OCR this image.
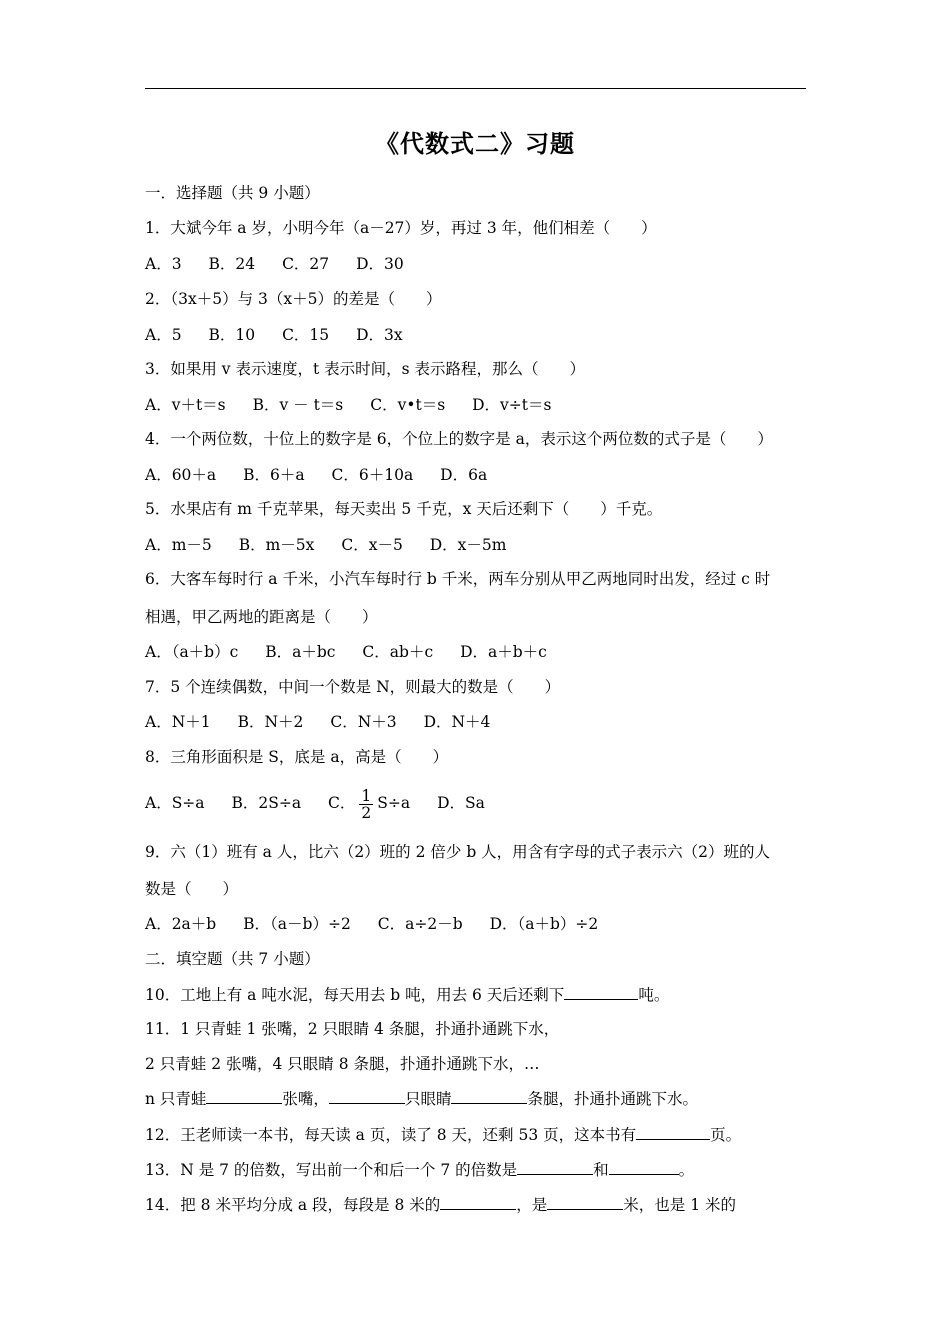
《代数式二》习题
一．选择题（共 9 小题）
1．大斌今年 a 岁，小明今年（a－27）岁，再过 3 年，他们相差（　　）
A．3 B．24 C．27 D．30
2．（3x＋5）与 3（x＋5）的差是（　　）
A．5 B．10 C．15 D．3x
3．如果用 v 表示速度，t 表示时间，s 表示路程，那么（　　）
A．v＋t＝s B．v － t＝s C．v•t＝s D．v÷t＝s
4．一个两位数，十位上的数字是 6，个位上的数字是 a，表示这个两位数的式子是（　　）
A．60＋a B．6＋a C．6＋10a D．6a
5．水果店有 m 千克苹果，每天卖出 5 千克，x 天后还剩下（　　）千克。
A．m－5 B．m－5x C．x－5 D．x－5m
6．大客车每时行 a 千米，小汽车每时行 b 千米，两车分别从甲乙两地同时出发，经过 c 时
相遇，甲乙两地的距离是（　　）
A．（a＋b）c B．a＋bc C．ab＋c D．a＋b＋c
7．5 个连续偶数，中间一个数是 N，则最大的数是（　　）
A．N＋1 B．N＋2 C．N＋3 D．N＋4
8．三角形面积是 S，底是 a，高是（　　）
A．S÷a B．2S÷a C． $\frac{1}{2} S\div a$ D．Sa
9．六（1）班有 a 人，比六（2）班的 2 倍少 b 人，用含有字母的式子表示六（2）班的人
数是（　　）
A．2a＋b B．（a－b）÷2 C．a÷2－b D．（a＋b）÷2
二．填空题（共 7 小题）
10．工地上有 a 吨水泥，每天用去 b 吨，用去 6 天后还剩下	吨。
11．1 只青蛙 1 张嘴，2 只眼睛 4 条腿，扑通扑通跳下水，
2 只青蛙 2 张嘴，4 只眼睛 8 条腿，扑通扑通跳下水，…
n 只青蛙	张嘴，	只眼睛	条腿，扑通扑通跳下水。
12．王老师读一本书，每天读 a 页，读了 8 天，还剩 53 页，这本书有	页。
13．N 是 7 的倍数，写出前一个和后一个 7 的倍数是	和	。
14．把 8 米平均分成 a 段，每段是 8 米的	，是	米，也是 1 米的
